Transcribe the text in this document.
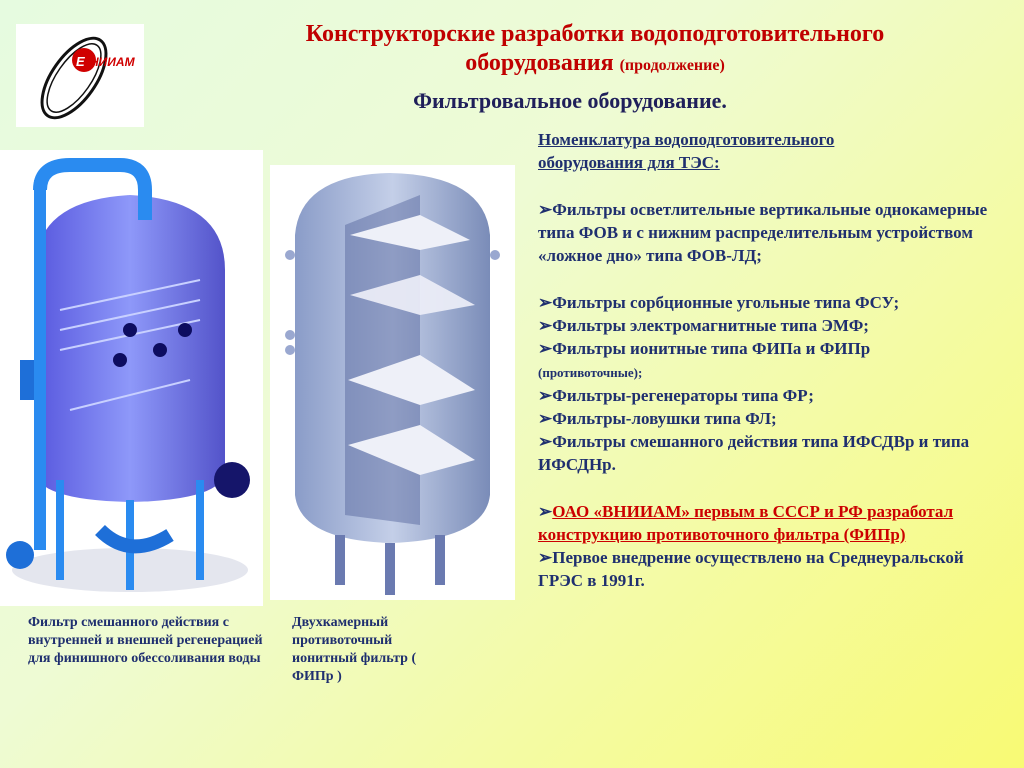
Е НИИАМ
Конструкторские разработки водоподготовительного
оборудования (продолжение)
Фильтровальное оборудование.
Фильтр смешанного действия с внутренней и внешней регенерацией для финишного обессоливания воды
Двухкамерный противоточный ионитный фильтр ( ФИПр )

Номенклатура водоподготовительного
оборудования для ТЭС:

➢Фильтры осветлительные вертикальные однокамерные типа ФОВ и с нижним распределительным устройством «ложное дно» типа ФОВ-ЛД;

➢Фильтры сорбционные угольные типа ФСУ;

➢Фильтры электромагнитные типа ЭМФ;

➢Фильтры ионитные типа ФИПа и ФИПр
(противоточные);

➢Фильтры-регенераторы типа ФР;

➢Фильтры-ловушки типа ФЛ;

➢Фильтры смешанного действия типа ИФСДВр и типа ИФСДНр.

➢ОАО «ВНИИАМ» первым в СССР и РФ разработал конструкцию противоточного фильтра (ФИПр)

➢Первое внедрение осуществлено на Среднеуральской ГРЭС в 1991г.
